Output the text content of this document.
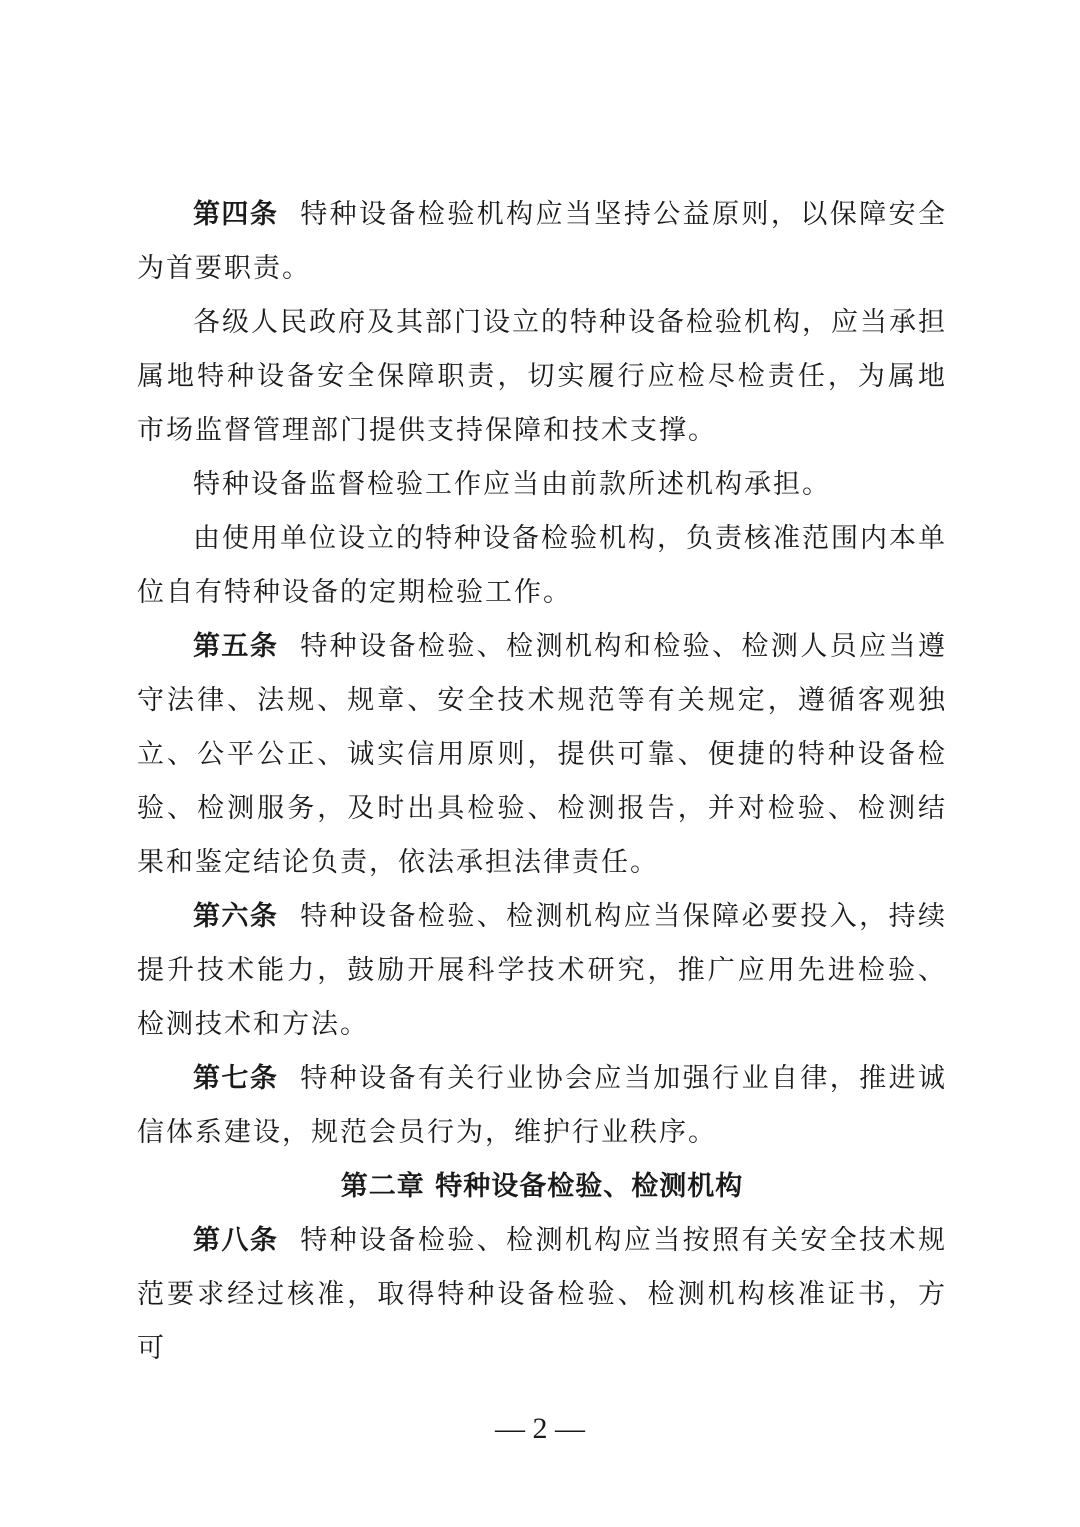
第四条 特种设备检验机构应当坚持公益原则，以保障安全为首要职责。

各级人民政府及其部门设立的特种设备检验机构，应当承担属地特种设备安全保障职责，切实履行应检尽检责任，为属地市场监督管理部门提供支持保障和技术支撑。

特种设备监督检验工作应当由前款所述机构承担。

由使用单位设立的特种设备检验机构，负责核准范围内本单位自有特种设备的定期检验工作。

第五条 特种设备检验、检测机构和检验、检测人员应当遵守法律、法规、规章、安全技术规范等有关规定，遵循客观独立、公平公正、诚实信用原则，提供可靠、便捷的特种设备检验、检测服务，及时出具检验、检测报告，并对检验、检测结果和鉴定结论负责，依法承担法律责任。

第六条 特种设备检验、检测机构应当保障必要投入，持续提升技术能力，鼓励开展科学技术研究，推广应用先进检验、检测技术和方法。

第七条 特种设备有关行业协会应当加强行业自律，推进诚信体系建设，规范会员行为，维护行业秩序。

第二章 特种设备检验、检测机构

第八条 特种设备检验、检测机构应当按照有关安全技术规范要求经过核准，取得特种设备检验、检测机构核准证书，方可

— 2 —
